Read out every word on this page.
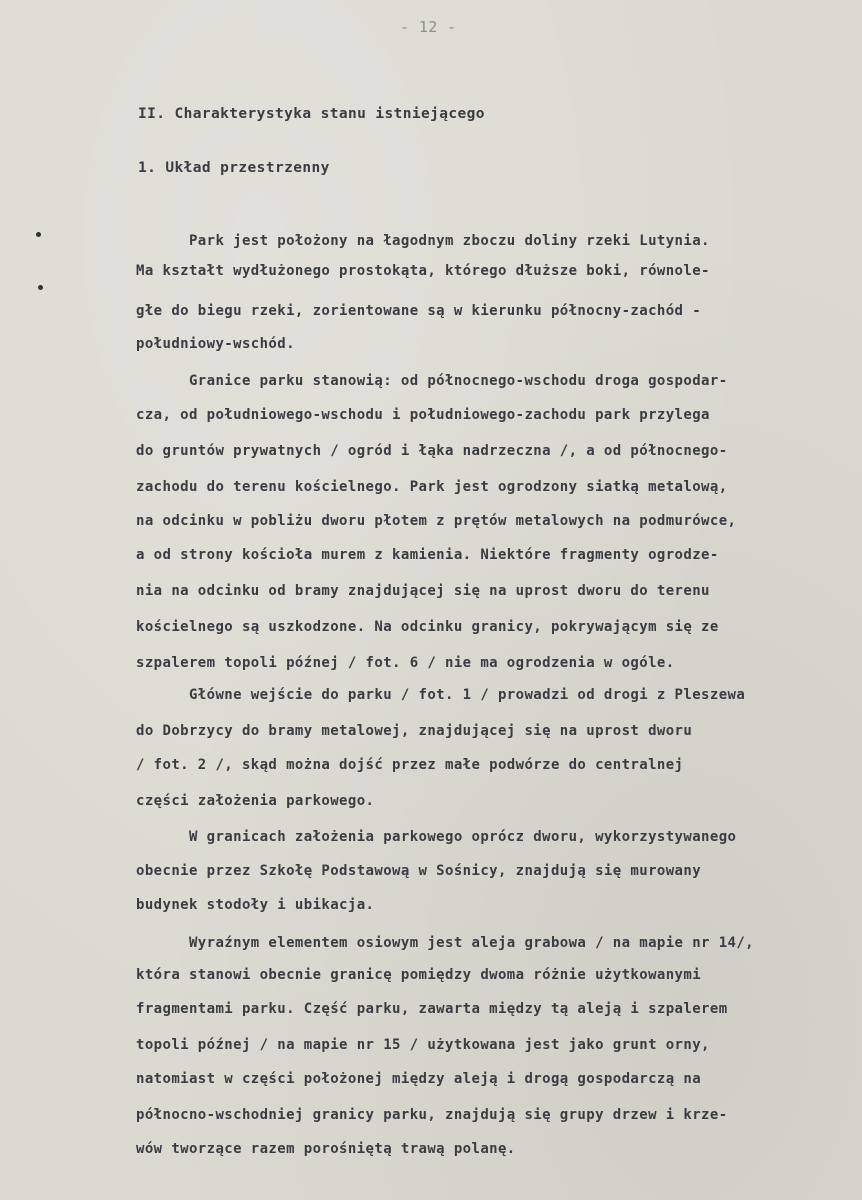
- 12 -
II. Charakterystyka stanu istniejącego
1. Układ przestrzenny
Park jest położony na łagodnym zboczu doliny rzeki Lutynia.
Ma kształt wydłużonego prostokąta, którego dłuższe boki, równole-
głe do biegu rzeki, zorientowane są w kierunku północny-zachód -
południowy-wschód.
Granice parku stanowią: od północnego-wschodu droga gospodar-
cza, od południowego-wschodu i południowego-zachodu park przylega
do gruntów prywatnych / ogród i łąka nadrzeczna /, a od północnego-
zachodu do terenu kościelnego. Park jest ogrodzony siatką metalową,
na odcinku w pobliżu dworu płotem z prętów metalowych na podmurówce,
a od strony kościoła murem z kamienia. Niektóre fragmenty ogrodze-
nia na odcinku od bramy znajdującej się na uprost dworu do terenu
kościelnego są uszkodzone. Na odcinku granicy, pokrywającym się ze
szpalerem topoli późnej / fot. 6 / nie ma ogrodzenia w ogóle.
Główne wejście do parku / fot. 1 / prowadzi od drogi z Pleszewa
do Dobrzycy do bramy metalowej, znajdującej się na uprost dworu
/ fot. 2 /, skąd można dojść przez małe podwórze do centralnej
części założenia parkowego.
W granicach założenia parkowego oprócz dworu, wykorzystywanego
obecnie przez Szkołę Podstawową w Sośnicy, znajdują się murowany
budynek stodoły i ubikacja.
Wyraźnym elementem osiowym jest aleja grabowa / na mapie nr 14/,
która stanowi obecnie granicę pomiędzy dwoma różnie użytkowanymi
fragmentami parku. Część parku, zawarta między tą aleją i szpalerem
topoli późnej / na mapie nr 15 / użytkowana jest jako grunt orny,
natomiast w części położonej między aleją i drogą gospodarczą na
północno-wschodniej granicy parku, znajdują się grupy drzew i krze-
wów tworzące razem porośniętą trawą polanę.
